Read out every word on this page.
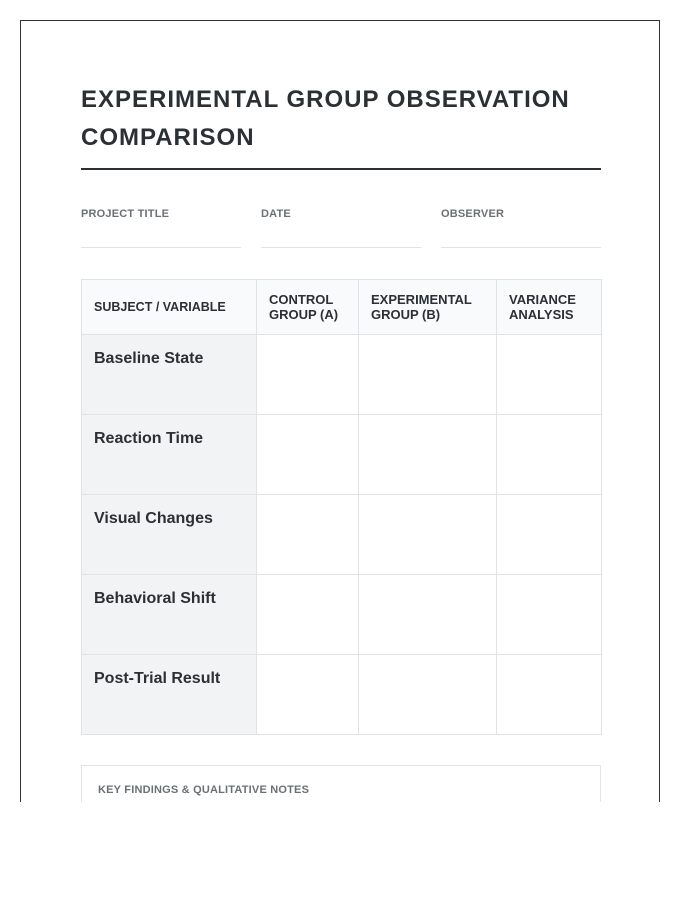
EXPERIMENTAL GROUP OBSERVATION COMPARISON
PROJECT TITLE	DATE	OBSERVER
SUBJECT / VARIABLE	CONTROL GROUP (A)	EXPERIMENTAL GROUP (B)	VARIANCE ANALYSIS
Baseline State			
Reaction Time			
Visual Changes			
Behavioral Shift			
Post-Trial Result			
KEY FINDINGS & QUALITATIVE NOTES
